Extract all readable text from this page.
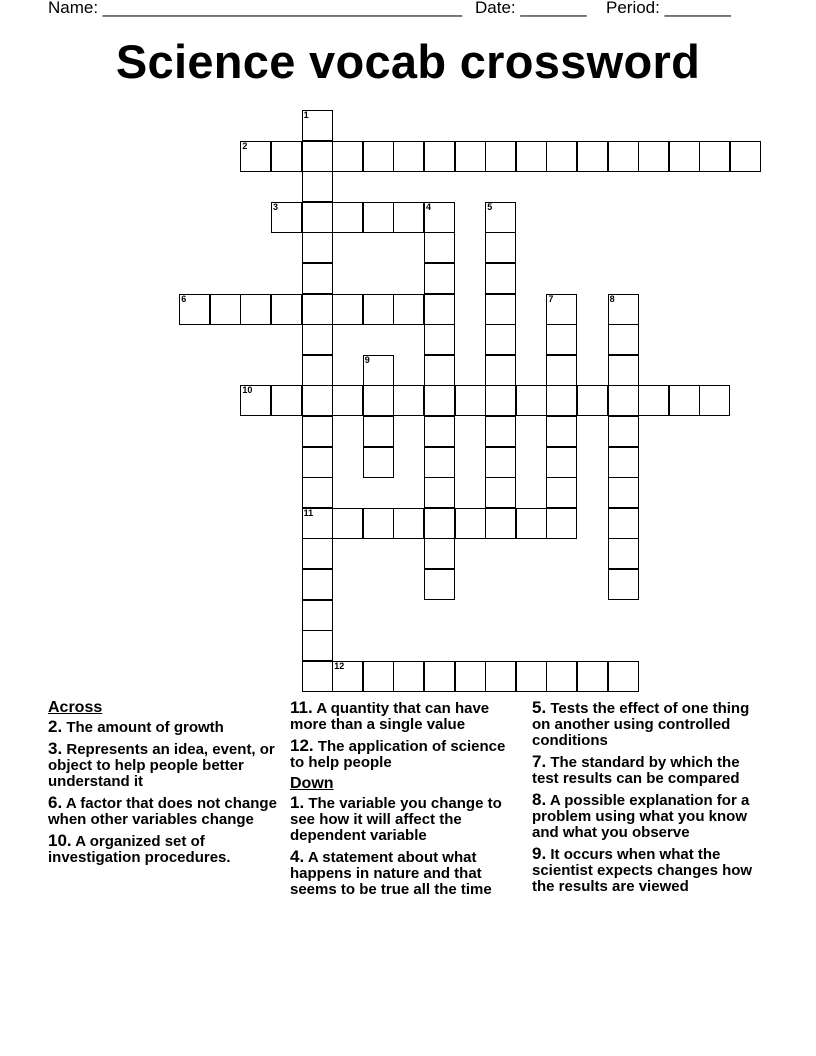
Name: ______________________________________ Date: _______ Period: _______
Science vocab crossword
1
11
2
3	4	5
6	7	8
9
10
12
Across
2. The amount of growth
3. Represents an idea, event, or object to help people better understand it
6. A factor that does not change when other variables change
10. A organized set of investigation procedures.
11. A quantity that can have more than a single value
12. The application of science to help people
Down
1. The variable you change to see how it will affect the dependent variable
4. A statement about what happens in nature and that seems to be true all the time
5. Tests the effect of one thing on another using controlled conditions
7. The standard by which the test results can be compared
8. A possible explanation for a problem using what you know and what you observe
9. It occurs when what the scientist expects changes how the results are viewed
